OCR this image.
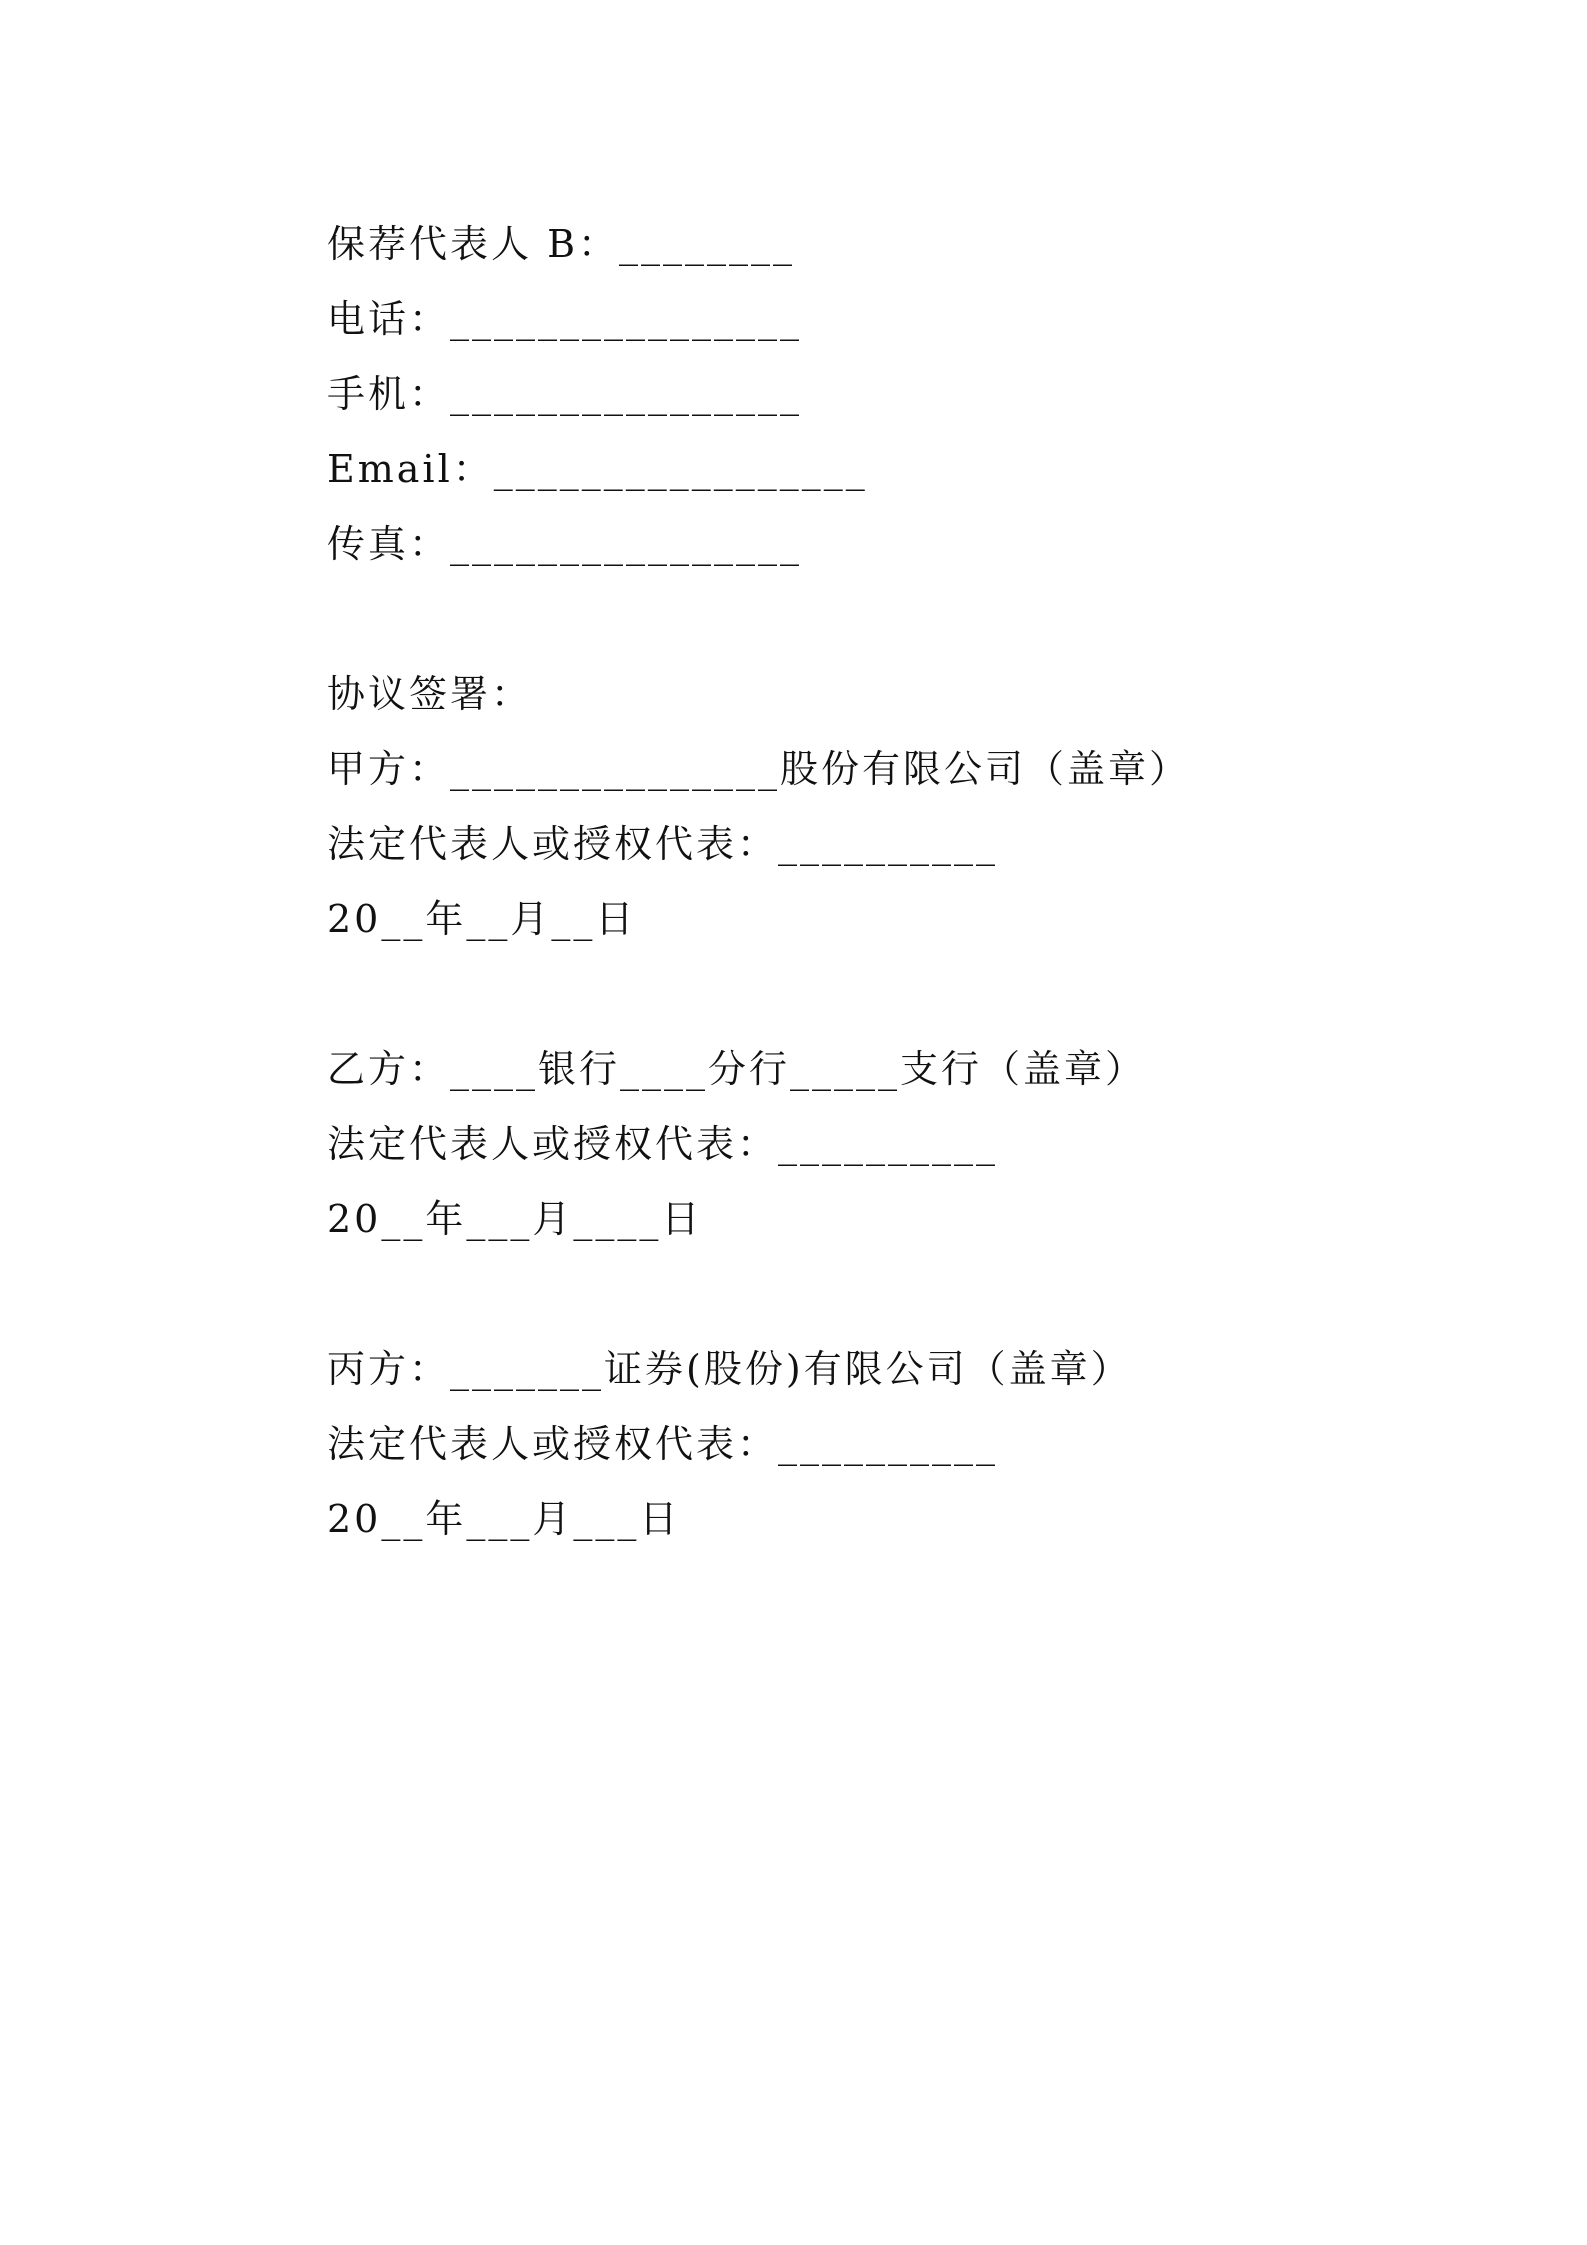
保荐代表人 B：________
电话：________________
手机：________________
Email：_________________
传真：________________
协议签署：
甲方：_______________股份有限公司（盖章）
法定代表人或授权代表：__________
20__年__月__日
乙方：____银行____分行_____支行（盖章）
法定代表人或授权代表：__________
20__年___月____日
丙方：_______证券(股份)有限公司（盖章）
法定代表人或授权代表：__________
20__年___月___日
